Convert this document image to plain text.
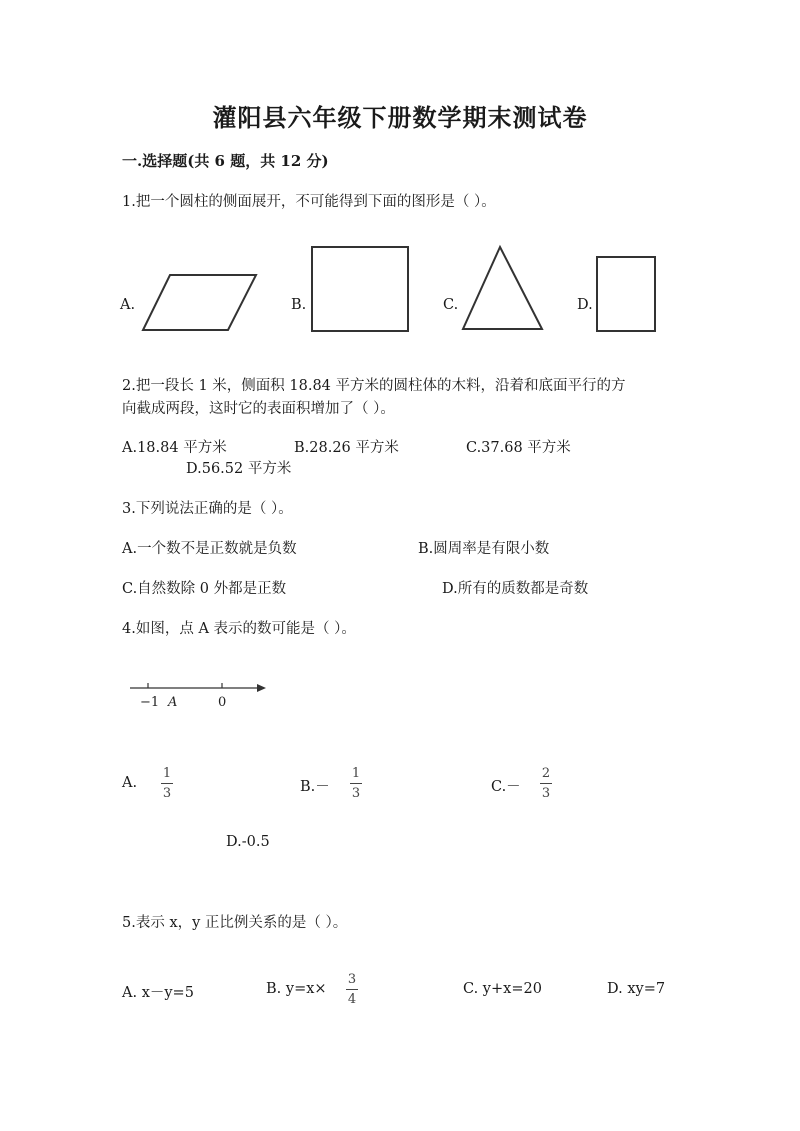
灌阳县六年级下册数学期末测试卷
一.选择题(共 6 题，共 12 分)
1.把一个圆柱的侧面展开，不可能得到下面的图形是（ ）。
A.	B.	C.	D.
2.把一段长 1 米，侧面积 18.84 平方米的圆柱体的木料，沿着和底面平行的方
向截成两段，这时它的表面积增加了（ ）。
A.18.84 平方米	B.28.26 平方米	C.37.68 平方米
D.56.52 平方米
3.下列说法正确的是（ ）。
A.一个数不是正数就是负数	B.圆周率是有限小数
C.自然数除 0 外都是正数	D.所有的质数都是奇数
4.如图，点 A 表示的数可能是（ ）。
−1 A	0
A.
1
3	B.－
1
3	C.－
2
3
D.-0.5
5.表示 x，y 正比例关系的是（ ）。
A. x－y=5	B. y=x×
3
4
C. y+x=20	D. xy=7
